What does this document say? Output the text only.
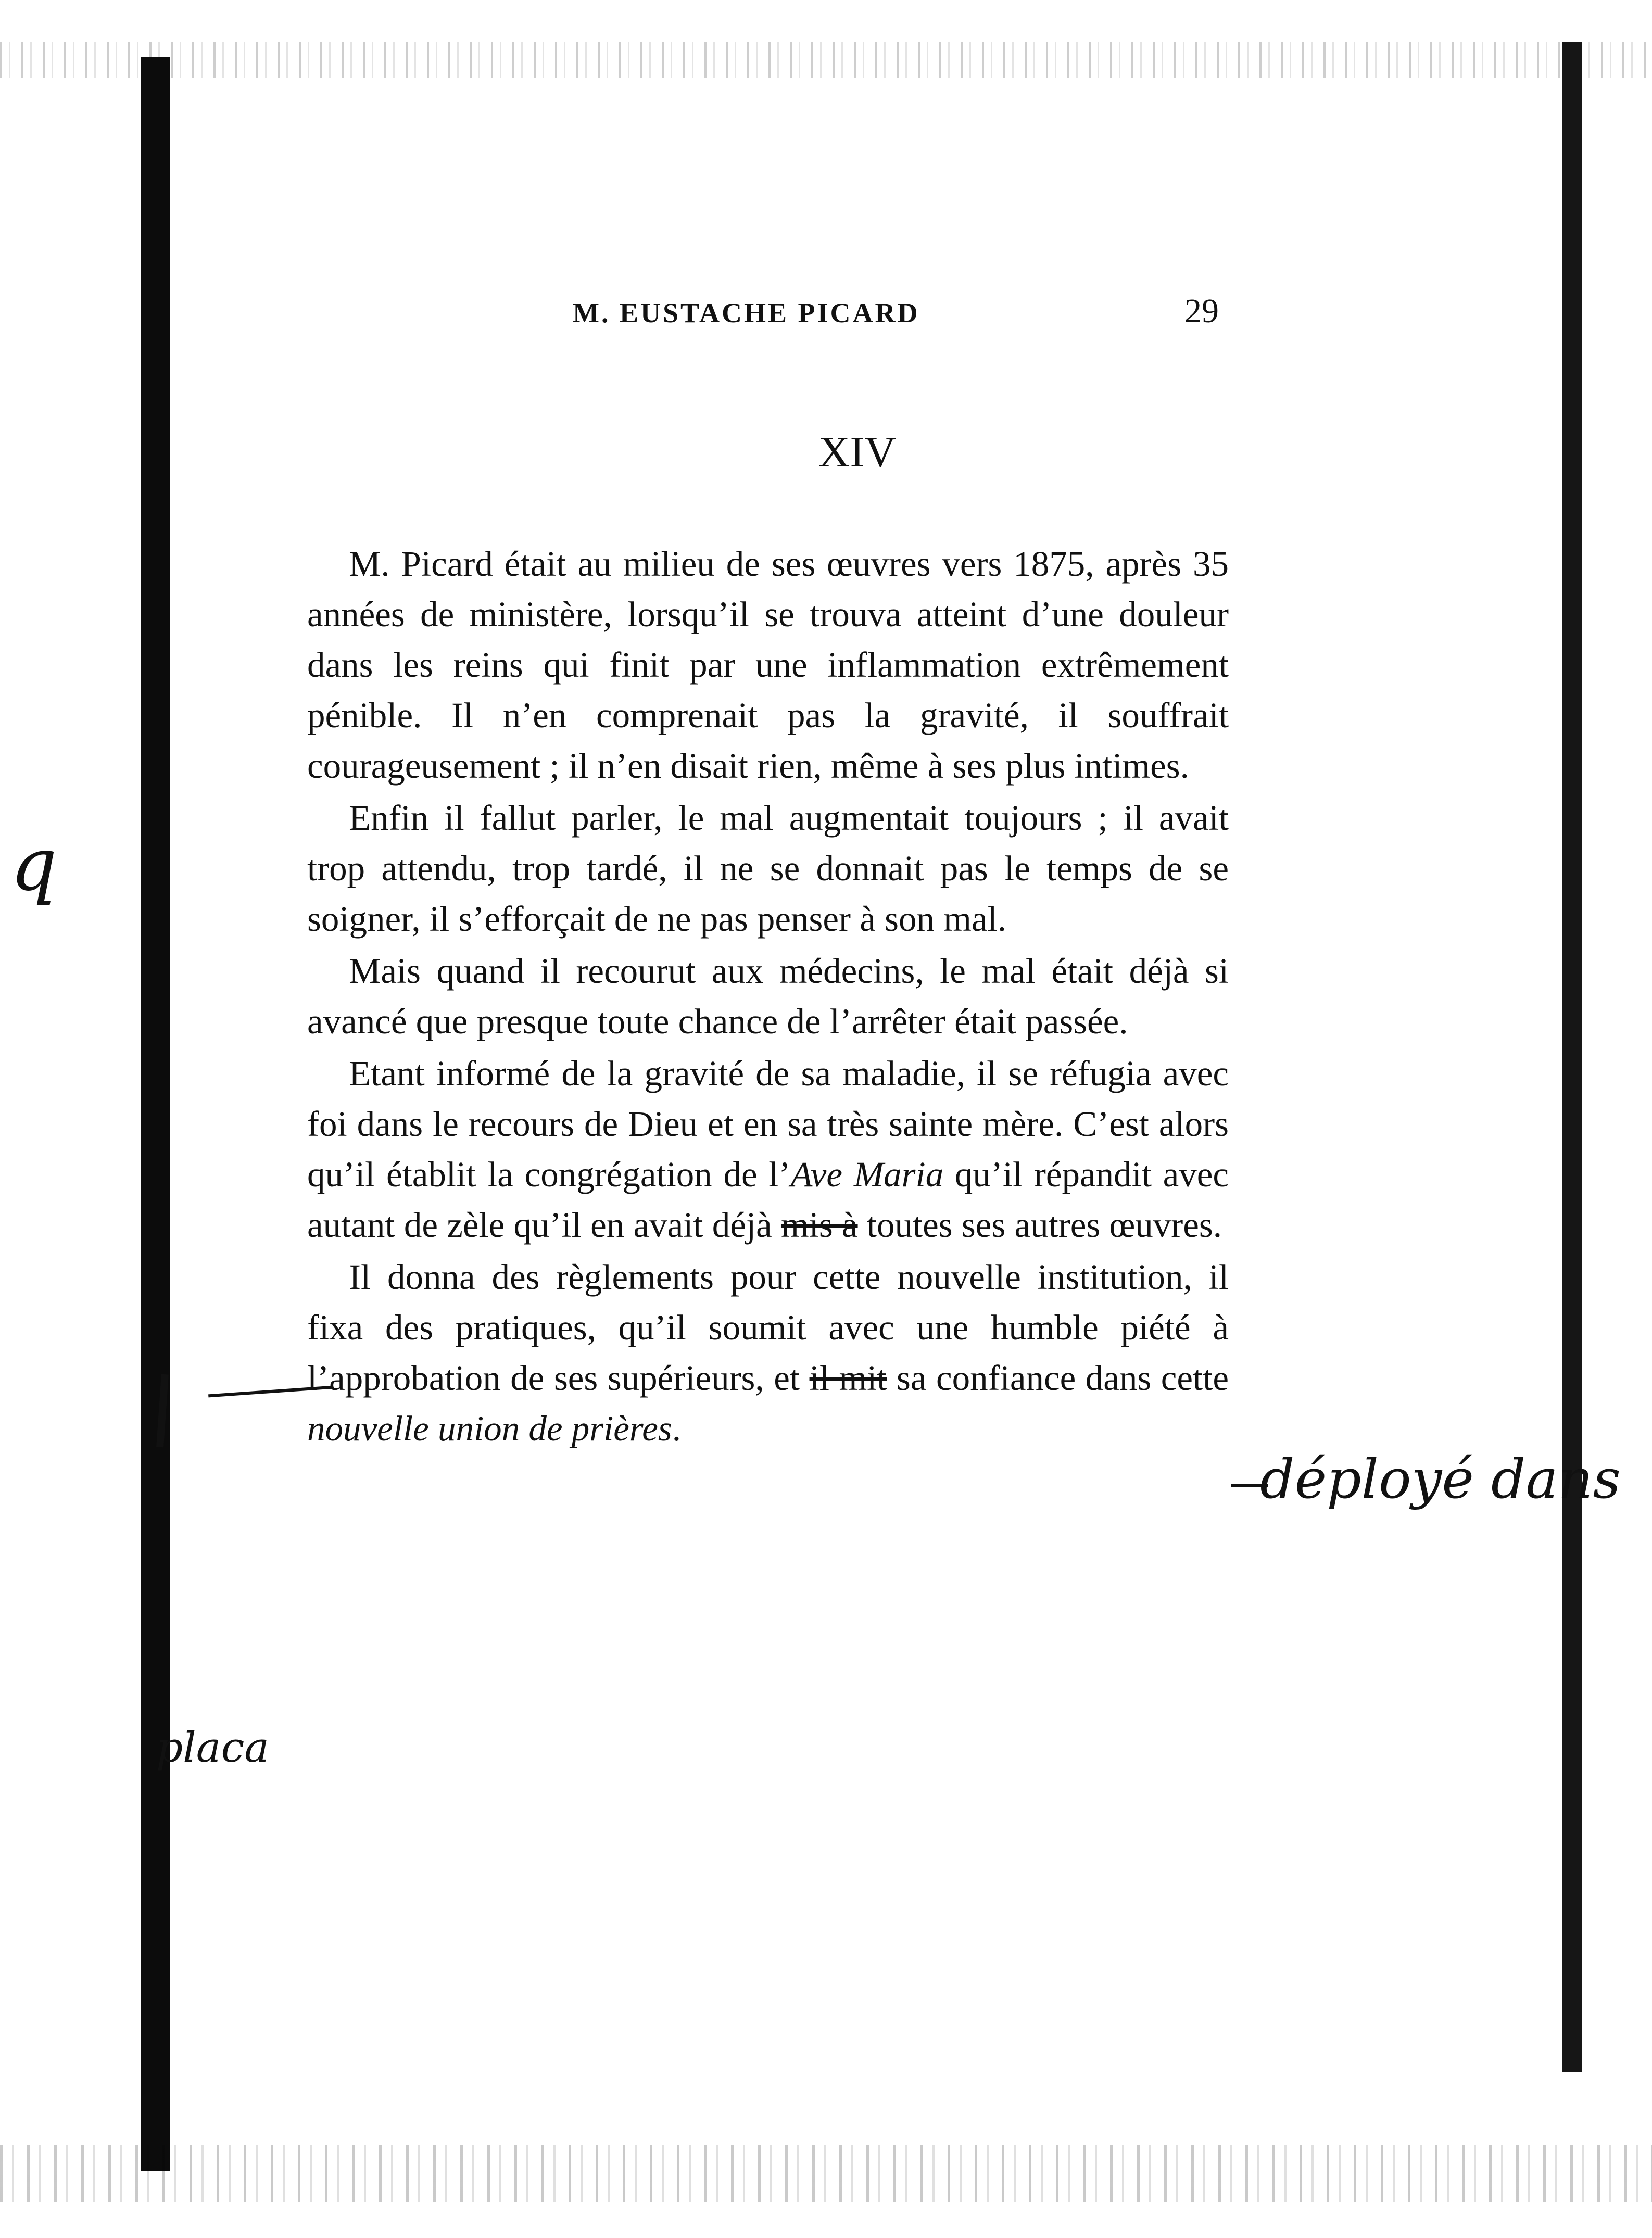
M. EUSTACHE PICARD	29
XIV

M. Picard était au milieu de ses œuvres vers 1875, après 35 années de ministère, lorsqu’il se trouva atteint d’une douleur dans les reins qui finit par une inflammation extrêmement pénible. Il n’en comprenait pas la gravité, il souffrait courageusement ; il n’en disait rien, même à ses plus intimes.

Enfin il fallut parler, le mal augmentait toujours ; il avait trop attendu, trop tardé, il ne se donnait pas le temps de se soigner, il s’efforçait de ne pas penser à son mal.

Mais quand il recourut aux médecins, le mal était déjà si avancé que presque toute chance de l’arrêter était passée.

Etant informé de la gravité de sa maladie, il se réfugia avec foi dans le recours de Dieu et en sa très sainte mère. C’est alors qu’il établit la congrégation de l’Ave Maria qu’il répandit avec autant de zèle qu’il en avait déjà mis à toutes ses autres œuvres.

Il donna des règlements pour cette nouvelle institution, il fixa des pratiques, qu’il soumit avec une humble piété à l’approbation de ses supérieurs, et il mit sa confiance dans cette nouvelle union de prières.

q
déployé dans
placa
